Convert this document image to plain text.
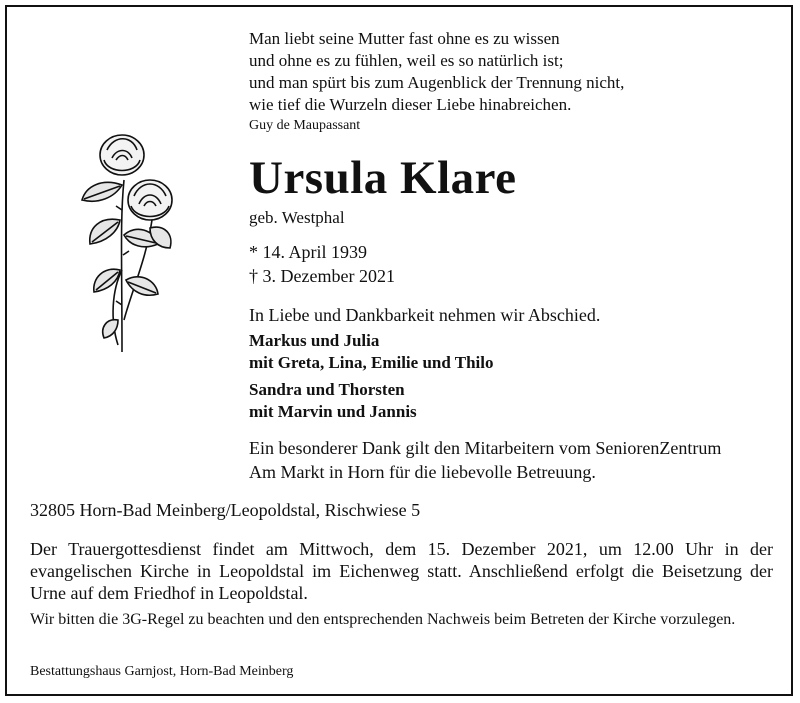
Man liebt seine Mutter fast ohne es zu wissen
und ohne es zu fühlen, weil es so natürlich ist;
und man spürt bis zum Augenblick der Trennung nicht,
wie tief die Wurzeln dieser Liebe hinabreichen.
Guy de Maupassant
Ursula Klare
geb. Westphal
* 14. April 1939
† 3. Dezember 2021
In Liebe und Dankbarkeit nehmen wir Abschied.
Markus und Julia
mit Greta, Lina, Emilie und Thilo
Sandra und Thorsten
mit Marvin und Jannis
Ein besonderer Dank gilt den Mitarbeitern vom SeniorenZentrum
Am Markt in Horn für die liebevolle Betreuung.
32805 Horn-Bad Meinberg/Leopoldstal, Rischwiese 5
Der Trauergottesdienst findet am Mittwoch, dem 15. Dezember 2021, um 12.00 Uhr in der evangelischen Kirche in Leopoldstal im Eichenweg statt. Anschließend erfolgt die Beisetzung der Urne auf dem Friedhof in Leopoldstal.
Wir bitten die 3G-Regel zu beachten und den entsprechenden Nachweis beim Betreten der Kirche vorzulegen.
Bestattungshaus Garnjost, Horn-Bad Meinberg
